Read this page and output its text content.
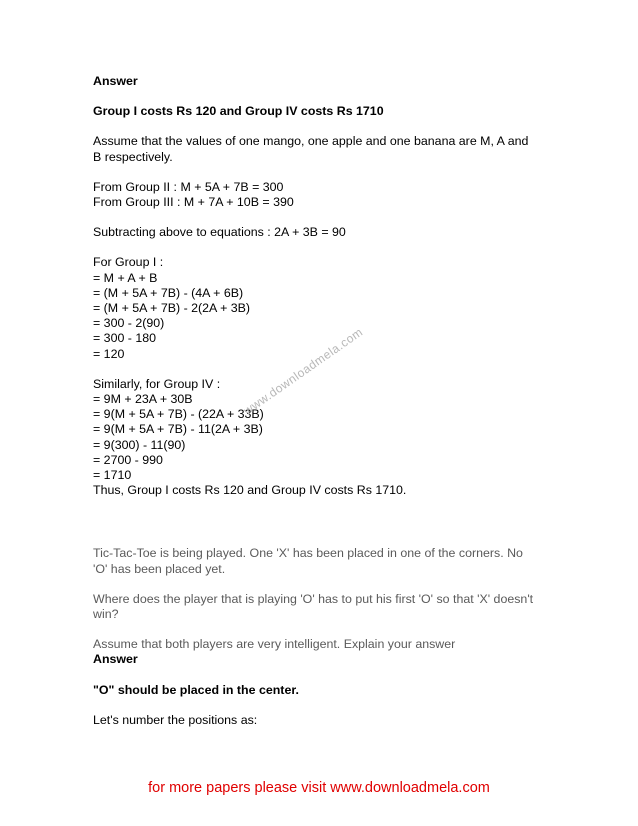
Answer

Group I costs Rs 120 and Group IV costs Rs 1710

Assume that the values of one mango, one apple and one banana are M, A and

B respectively.

From Group II : M + 5A + 7B = 300

From Group III : M + 7A + 10B = 390

Subtracting above to equations : 2A + 3B = 90

For Group I :

= M + A + B

= (M + 5A + 7B) - (4A + 6B)

= (M + 5A + 7B) - 2(2A + 3B)

= 300 - 2(90)

= 300 - 180

= 120

Similarly, for Group IV :

= 9M + 23A + 30B

= 9(M + 5A + 7B) - (22A + 33B)

= 9(M + 5A + 7B) - 11(2A + 3B)

= 9(300) - 11(90)

= 2700 - 990

= 1710

Thus, Group I costs Rs 120 and Group IV costs Rs 1710.

Tic-Tac-Toe is being played. One 'X' has been placed in one of the corners. No

'O' has been placed yet.

Where does the player that is playing 'O' has to put his first 'O' so that 'X' doesn't

win?

Assume that both players are very intelligent. Explain your answer

Answer

"O" should be placed in the center.

Let's number the positions as:

www.downloadmela.com
for more papers please visit www.downloadmela.com
